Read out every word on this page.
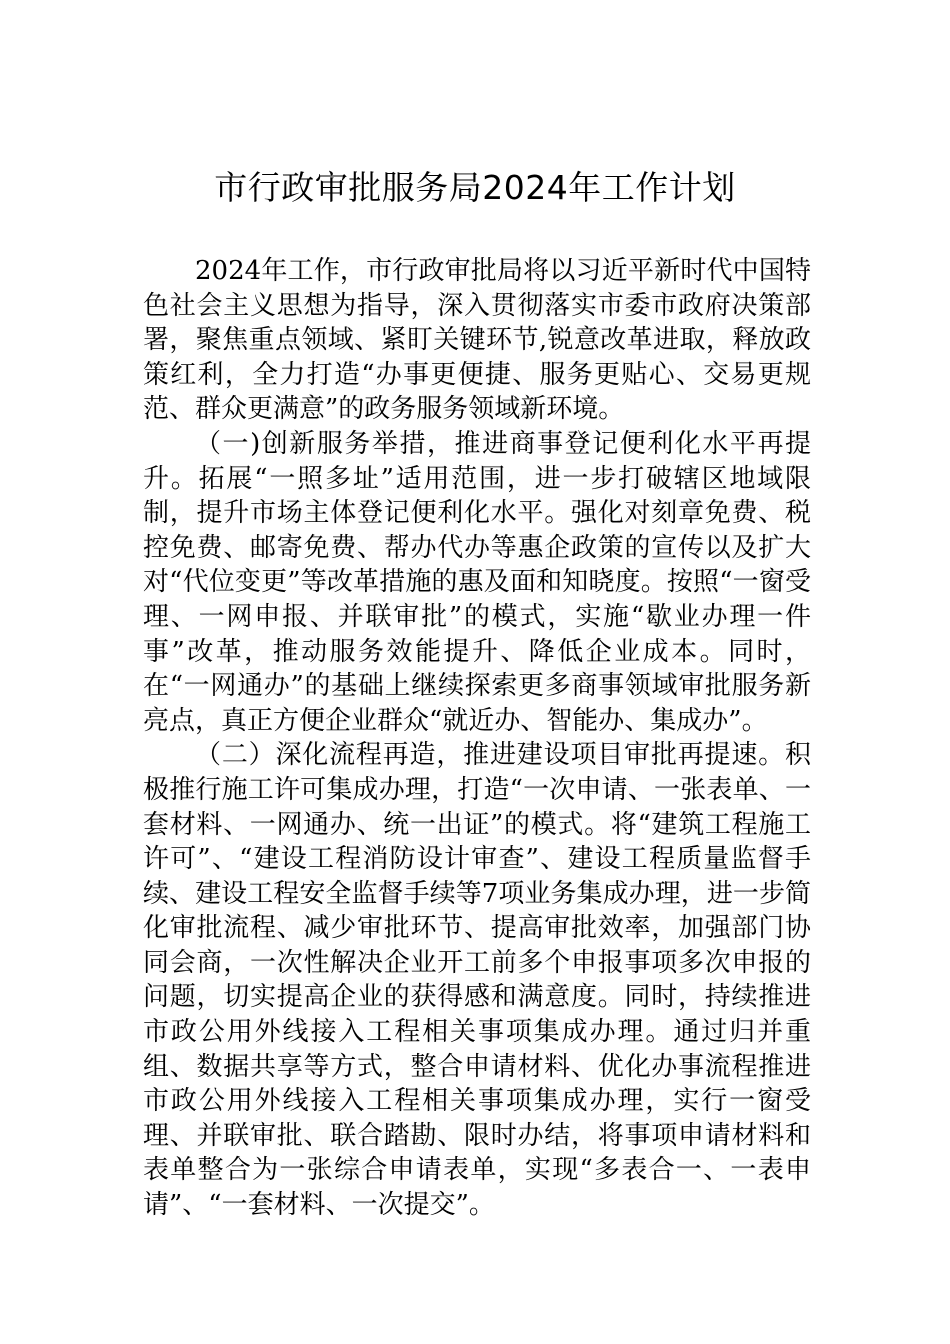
市行政审批服务局2024年工作计划

2024年工作，市行政审批局将以习近平新时代中国特色社会主义思想为指导，深入贯彻落实市委市政府决策部署，聚焦重点领域、紧盯关键环节,锐意改革进取，释放政策红利，全力打造“办事更便捷、服务更贴心、交易更规范、群众更满意”的政务服务领域新环境。

（一)创新服务举措，推进商事登记便利化水平再提升。拓展“一照多址”适用范围，进一步打破辖区地域限制，提升市场主体登记便利化水平。强化对刻章免费、税控免费、邮寄免费、帮办代办等惠企政策的宣传以及扩大对“代位变更”等改革措施的惠及面和知晓度。按照“一窗受理、一网申报、并联审批”的模式，实施“歇业办理一件事”改革，推动服务效能提升、降低企业成本。同时，在“一网通办”的基础上继续探索更多商事领域审批服务新亮点，真正方便企业群众“就近办、智能办、集成办”。

（二）深化流程再造，推进建设项目审批再提速。积极推行施工许可集成办理，打造“一次申请、一张表单、一套材料、一网通办、统一出证”的模式。将“建筑工程施工许可”、“建设工程消防设计审查”、建设工程质量监督手续、建设工程安全监督手续等7项业务集成办理，进一步简化审批流程、减少审批环节、提高审批效率，加强部门协同会商，一次性解决企业开工前多个申报事项多次申报的问题，切实提高企业的获得感和满意度。同时，持续推进市政公用外线接入工程相关事项集成办理。通过归并重组、数据共享等方式，整合申请材料、优化办事流程推进市政公用外线接入工程相关事项集成办理，实行一窗受理、并联审批、联合踏勘、限时办结，将事项申请材料和表单整合为一张综合申请表单，实现“多表合一、一表申请”、“一套材料、一次提交”。
